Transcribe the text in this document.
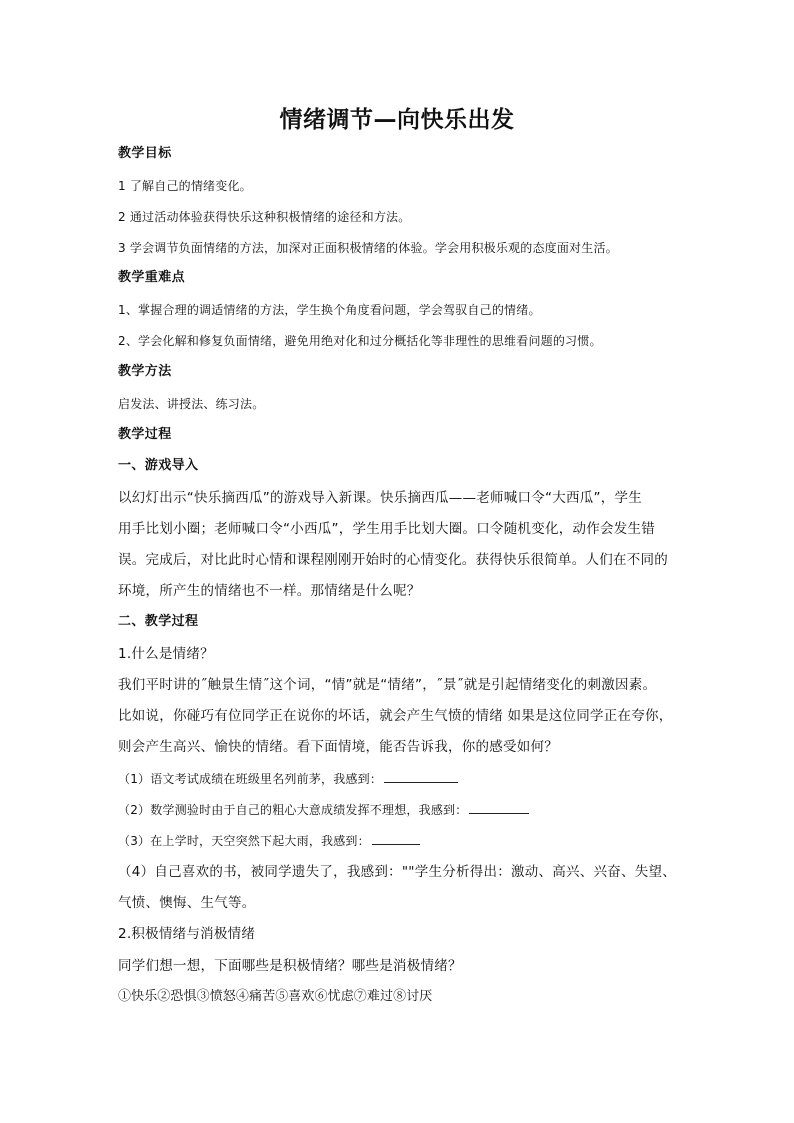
情绪调节—向快乐出发
教学目标
1 了解自己的情绪变化。
2 通过活动体验获得快乐这种积极情绪的途径和方法。
3 学会调节负面情绪的方法，加深对正面积极情绪的体验。学会用积极乐观的态度面对生活。
教学重难点
1、掌握合理的调适情绪的方法，学生换个角度看问题，学会驾驭自己的情绪。
2、学会化解和修复负面情绪，避免用绝对化和过分概括化等非理性的思维看问题的习惯。
教学方法
启发法、讲授法、练习法。
教学过程
一、游戏导入
以幻灯出示“快乐摘西瓜”的游戏导入新课。快乐摘西瓜——老师喊口令“大西瓜”，学生
用手比划小圈；老师喊口令“小西瓜”，学生用手比划大圈。口令随机变化，动作会发生错
误。完成后，对比此时心情和课程刚刚开始时的心情变化。获得快乐很简单。人们在不同的
环境，所产生的情绪也不一样。那情绪是什么呢？
二、教学过程
1.什么是情绪？
我们平时讲的˝触景生情˝这个词，“情”就是“情绪”，˝景˝就是引起情绪变化的刺激因素。
比如说，你碰巧有位同学正在说你的坏话，就会产生气愤的情绪 如果是这位同学正在夸你，
则会产生高兴、愉快的情绪。看下面情境，能否告诉我，你的感受如何？
（1）语文考试成绩在班级里名列前茅，我感到：
（2）数学测验时由于自己的粗心大意成绩发挥不理想，我感到：
（3）在上学时，天空突然下起大雨，我感到：
（4）自己喜欢的书，被同学遗失了，我感到：""学生分析得出：激动、高兴、兴奋、失望、
气愤、懊悔、生气等。
2.积极情绪与消极情绪
同学们想一想，下面哪些是积极情绪？哪些是消极情绪？
①快乐②恐惧③愤怒④痛苦⑤喜欢⑥忧虑⑦难过⑧讨厌
